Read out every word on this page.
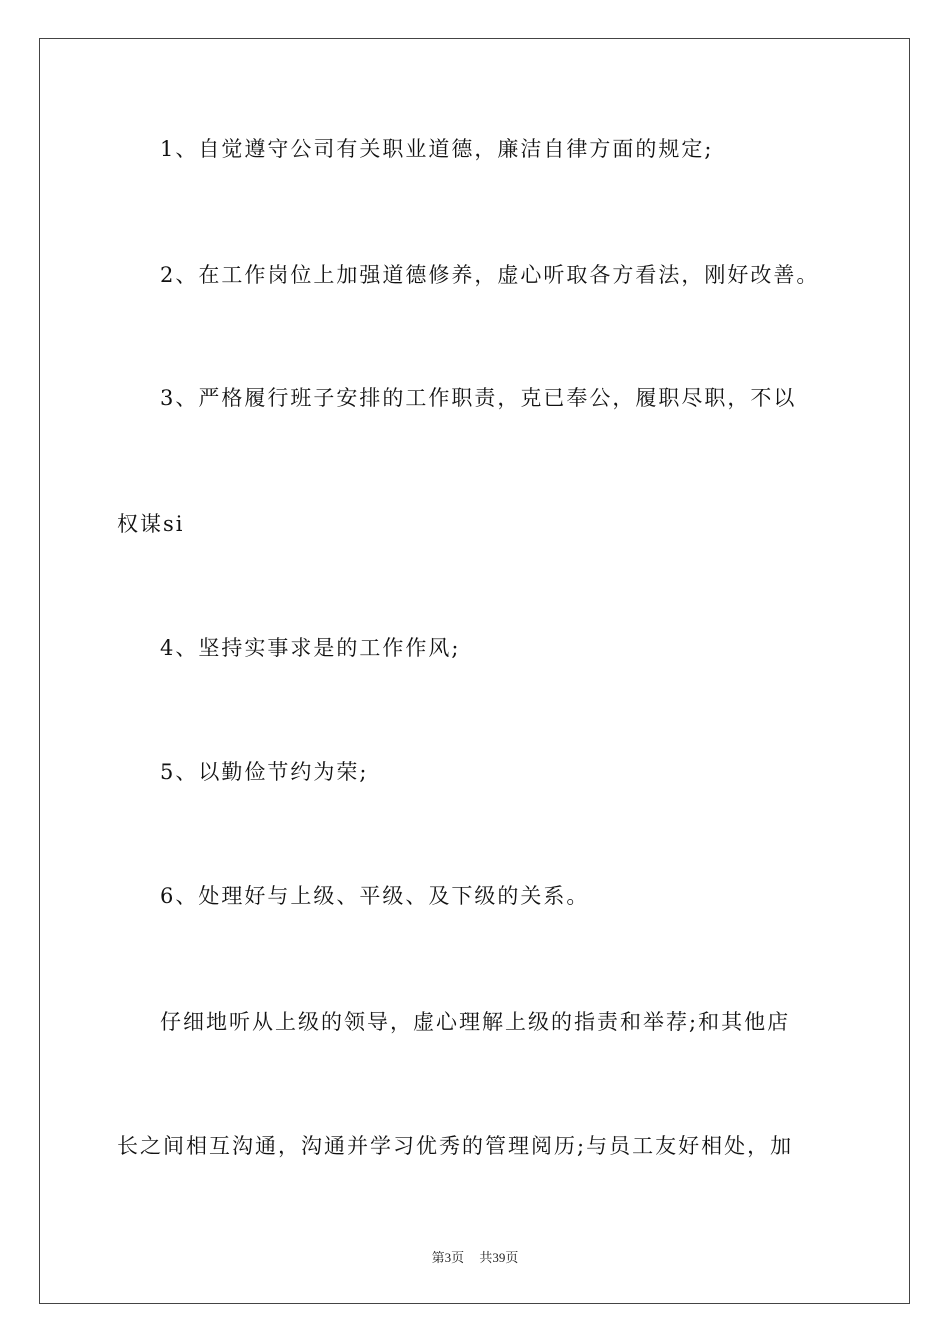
1、自觉遵守公司有关职业道德，廉洁自律方面的规定;
2、在工作岗位上加强道德修养，虚心听取各方看法，刚好改善。
3、严格履行班子安排的工作职责，克已奉公，履职尽职，不以
权谋si
4、坚持实事求是的工作作风;
5、以勤俭节约为荣;
6、处理好与上级、平级、及下级的关系。
仔细地听从上级的领导，虚心理解上级的指责和举荐;和其他店
长之间相互沟通，沟通并学习优秀的管理阅历;与员工友好相处，加
第3页 共39页
